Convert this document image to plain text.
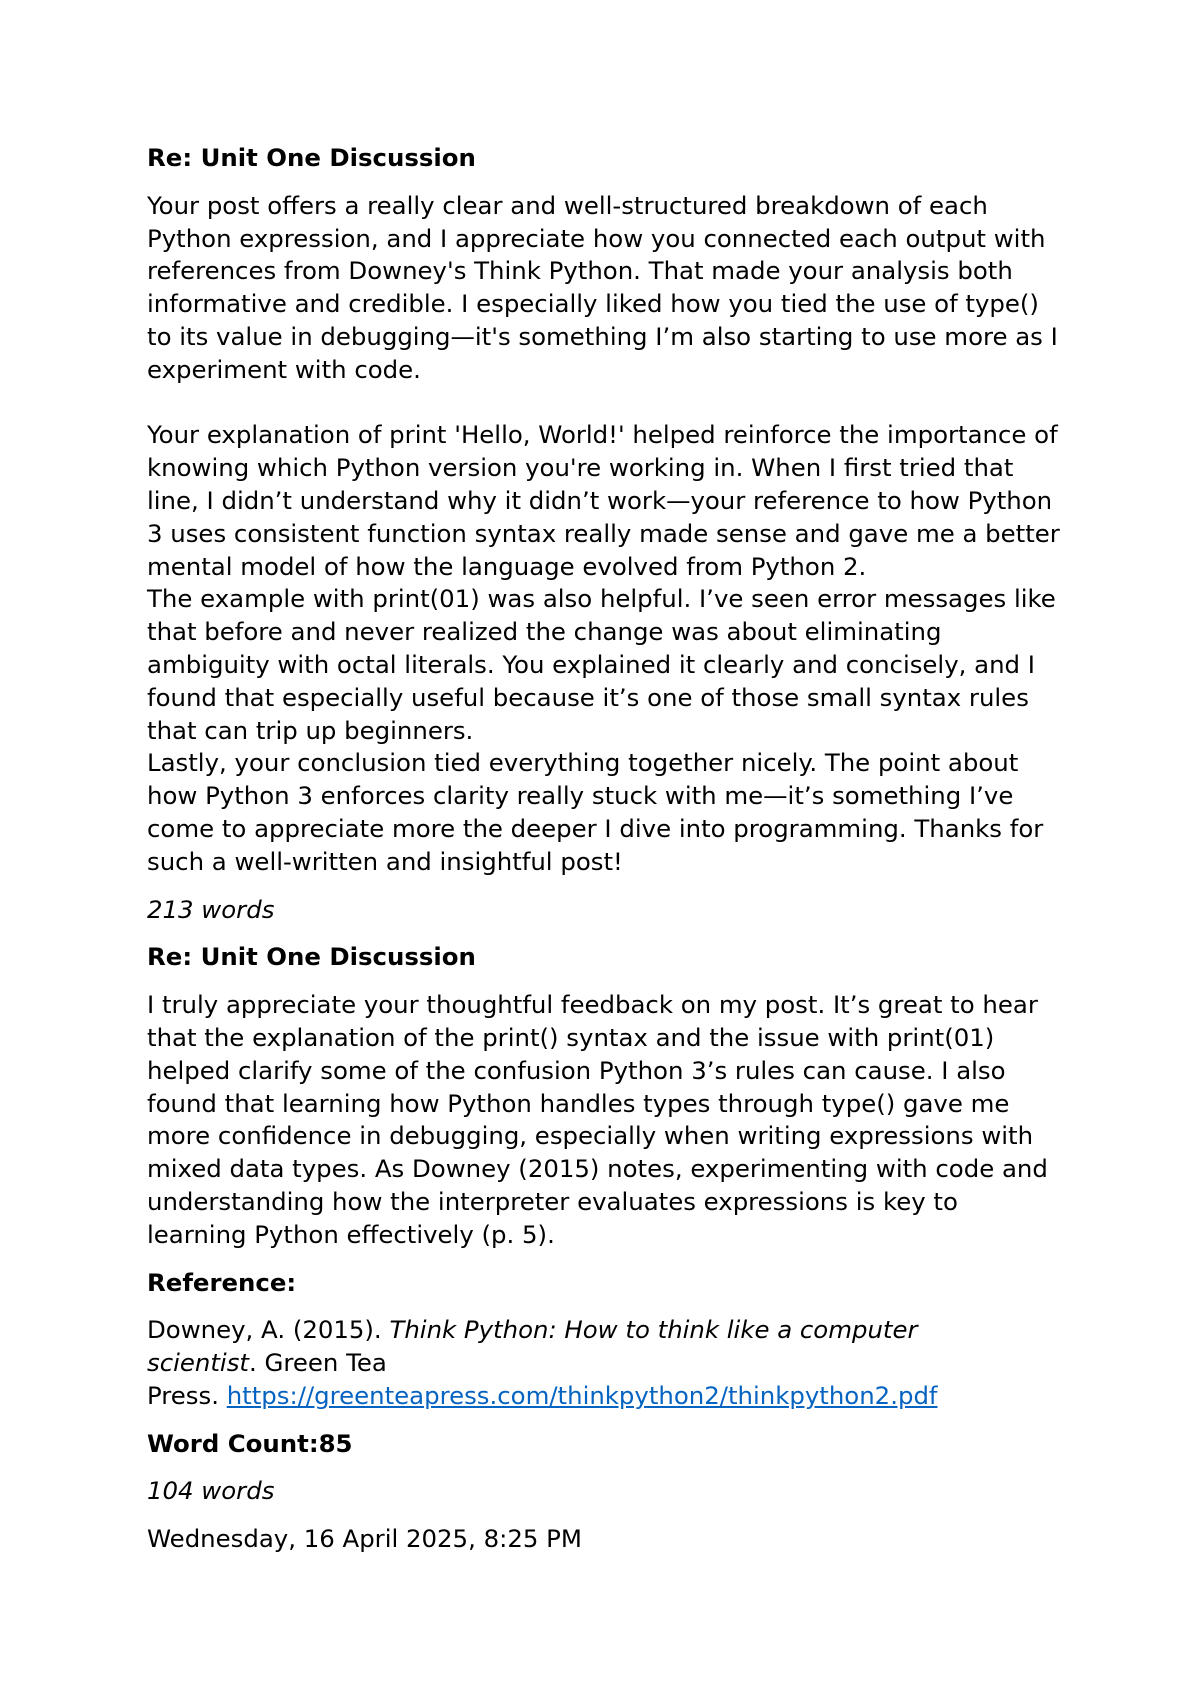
Re: Unit One Discussion

Your post offers a really clear and well-structured breakdown of each
Python expression, and I appreciate how you connected each output with
references from Downey's Think Python. That made your analysis both
informative and credible. I especially liked how you tied the use of type()
to its value in debugging—it's something I’m also starting to use more as I
experiment with code.
Your explanation of print 'Hello, World!' helped reinforce the importance of
knowing which Python version you're working in. When I first tried that
line, I didn’t understand why it didn’t work—your reference to how Python
3 uses consistent function syntax really made sense and gave me a better
mental model of how the language evolved from Python 2.
The example with print(01) was also helpful. I’ve seen error messages like
that before and never realized the change was about eliminating
ambiguity with octal literals. You explained it clearly and concisely, and I
found that especially useful because it’s one of those small syntax rules
that can trip up beginners.
Lastly, your conclusion tied everything together nicely. The point about
how Python 3 enforces clarity really stuck with me—it’s something I’ve
come to appreciate more the deeper I dive into programming. Thanks for
such a well-written and insightful post!

213 words

Re: Unit One Discussion

I truly appreciate your thoughtful feedback on my post. It’s great to hear
that the explanation of the print() syntax and the issue with print(01)
helped clarify some of the confusion Python 3’s rules can cause. I also
found that learning how Python handles types through type() gave me
more confidence in debugging, especially when writing expressions with
mixed data types. As Downey (2015) notes, experimenting with code and
understanding how the interpreter evaluates expressions is key to
learning Python effectively (p. 5).

Reference:

Downey, A. (2015). Think Python: How to think like a computer
scientist. Green Tea
Press. https://greenteapress.com/thinkpython2/thinkpython2.pdf

Word Count:85

104 words

Wednesday, 16 April 2025, 8:25 PM
